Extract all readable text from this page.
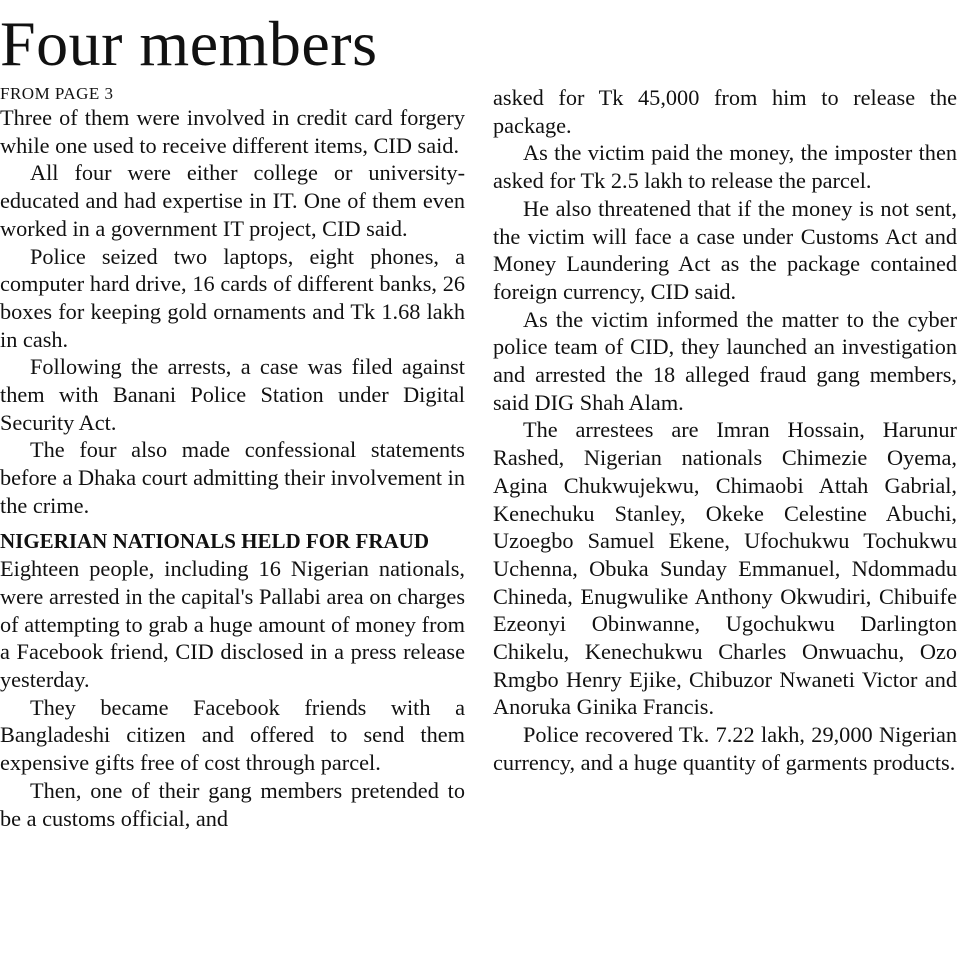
Four members
FROM PAGE 3

Three of them were involved in credit card forgery while one used to receive different items, CID said.

All four were either college or university-educated and had expertise in IT. One of them even worked in a government IT project, CID said.

Police seized two laptops, eight phones, a computer hard drive, 16 cards of different banks, 26 boxes for keeping gold ornaments and Tk 1.68 lakh in cash.

Following the arrests, a case was filed against them with Banani Police Station under Digital Security Act.

The four also made confessional statements before a Dhaka court admitting their involvement in the crime.

NIGERIAN NATIONALS HELD FOR FRAUD

Eighteen people, including 16 Nigerian nationals, were arrested in the capital's Pallabi area on charges of attempting to grab a huge amount of money from a Facebook friend, CID disclosed in a press release yesterday.

They became Facebook friends with a Bangladeshi citizen and offered to send them expensive gifts free of cost through parcel.

Then, one of their gang members pretended to be a customs official, and

asked for Tk 45,000 from him to release the package.

As the victim paid the money, the imposter then asked for Tk 2.5 lakh to release the parcel.

He also threatened that if the money is not sent, the victim will face a case under Customs Act and Money Laundering Act as the package contained foreign currency, CID said.

As the victim informed the matter to the cyber police team of CID, they launched an investigation and arrested the 18 alleged fraud gang members, said DIG Shah Alam.

The arrestees are Imran Hossain, Harunur Rashed, Nigerian nationals Chimezie Oyema, Agina Chukwujekwu, Chimaobi Attah Gabrial, Kenechuku Stanley, Okeke Celestine Abuchi, Uzoegbo Samuel Ekene, Ufochukwu Tochukwu Uchenna, Obuka Sunday Emmanuel, Ndommadu Chineda, Enugwulike Anthony Okwudiri, Chibuife Ezeonyi Obinwanne, Ugochukwu Darlington Chikelu, Kenechukwu Charles Onwuachu, Ozo Rmgbo Henry Ejike, Chibuzor Nwaneti Victor and Anoruka Ginika Francis.

Police recovered Tk. 7.22 lakh, 29,000 Nigerian currency, and a huge quantity of garments products.
